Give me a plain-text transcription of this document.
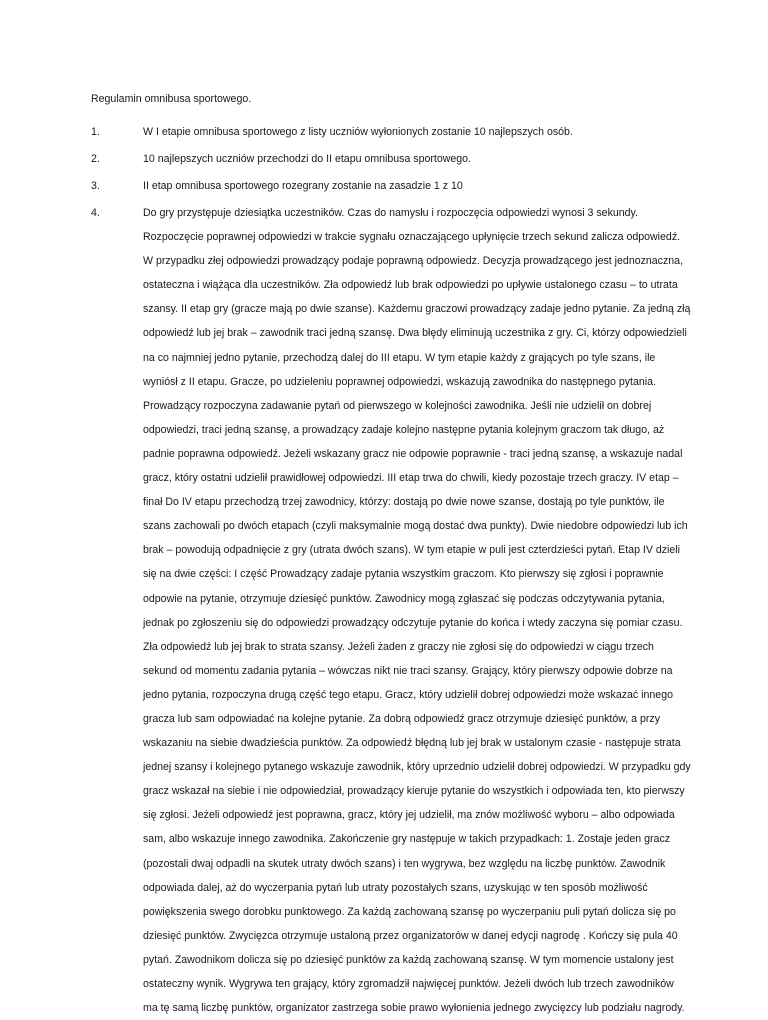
Regulamin omnibusa sportowego.

1.	W I etapie omnibusa sportowego z listy uczniów wyłonionych zostanie 10 najlepszych osób.
2.	10 najlepszych uczniów przechodzi do II etapu omnibusa sportowego.
3.	II etap omnibusa sportowego rozegrany zostanie na zasadzie 1 z 10
4.	Do gry przystępuje dziesiątka uczestników. Czas do namysłu i rozpoczęcia odpowiedzi wynosi 3 sekundy. Rozpoczęcie poprawnej odpowiedzi w trakcie sygnału oznaczającego upłynięcie trzech sekund zalicza odpowiedź. W przypadku złej odpowiedzi prowadzący podaje poprawną odpowiedz. Decyzja prowadzącego jest jednoznaczna, ostateczna i wiążąca dla uczestników. Zła odpowiedź lub brak odpowiedzi po upływie ustalonego czasu – to utrata szansy. II etap gry (gracze mają po dwie szanse). Każdemu graczowi prowadzący zadaje jedno pytanie. Za jedną złą odpowiedź lub jej brak – zawodnik traci jedną szansę. Dwa błędy eliminują uczestnika z gry. Ci, którzy odpowiedzieli na co najmniej jedno pytanie, przechodzą dalej do III etapu. W tym etapie każdy z grających po tyle szans, ile wyniósł z II etapu. Gracze, po udzieleniu poprawnej odpowiedzi, wskazują zawodnika do następnego pytania. Prowadzący rozpoczyna zadawanie pytań od pierwszego w kolejności zawodnika. Jeśli nie udzielił on dobrej odpowiedzi, traci jedną szansę, a prowadzący zadaje kolejno następne pytania kolejnym graczom tak długo, aż padnie poprawna odpowiedź. Jeżeli wskazany gracz nie odpowie poprawnie - traci jedną szansę, a wskazuje nadal gracz, który ostatni udzielił prawidłowej odpowiedzi. III etap trwa do chwili, kiedy pozostaje trzech graczy. IV etap – finał Do IV etapu przechodzą trzej zawodnicy, którzy: dostają po dwie nowe szanse, dostają po tyle punktów, ile szans zachowali po dwóch etapach (czyli maksymalnie mogą dostać dwa punkty). Dwie niedobre odpowiedzi lub ich brak – powodują odpadnięcie z gry (utrata dwóch szans). W tym etapie w puli jest czterdzieści pytań. Etap IV dzieli się na dwie części: I część Prowadzący zadaje pytania wszystkim graczom. Kto pierwszy się zgłosi i poprawnie odpowie na pytanie, otrzymuje dziesięć punktów. Zawodnicy mogą zgłaszać się podczas odczytywania pytania, jednak po zgłoszeniu się do odpowiedzi prowadzący odczytuje pytanie do końca i wtedy zaczyna się pomiar czasu. Zła odpowiedź lub jej brak to strata szansy. Jeżeli żaden z graczy nie zgłosi się do odpowiedzi w ciągu trzech sekund od momentu zadania pytania – wówczas nikt nie traci szansy. Grający, który pierwszy odpowie dobrze na jedno pytania, rozpoczyna drugą część tego etapu. Gracz, który udzielił dobrej odpowiedzi może wskazać innego gracza lub sam odpowiadać na kolejne pytanie. Za dobrą odpowiedź gracz otrzymuje dziesięć punktów, a przy wskazaniu na siebie dwadzieścia punktów. Za odpowiedź błędną lub jej brak w ustalonym czasie - następuje strata jednej szansy i kolejnego pytanego wskazuje zawodnik, który uprzednio udzielił dobrej odpowiedzi. W przypadku gdy gracz wskazał na siebie i nie odpowiedział, prowadzący kieruje pytanie do wszystkich i odpowiada ten, kto pierwszy się zgłosi. Jeżeli odpowiedź jest poprawna, gracz, który jej udzielił, ma znów możliwość wyboru – albo odpowiada sam, albo wskazuje innego zawodnika. Zakończenie gry następuje w takich przypadkach: 1. Zostaje jeden gracz (pozostali dwaj odpadli na skutek utraty dwóch szans) i ten wygrywa, bez względu na liczbę punktów. Zawodnik odpowiada dalej, aż do wyczerpania pytań lub utraty pozostałych szans, uzyskując w ten sposób możliwość powiększenia swego dorobku punktowego. Za każdą zachowaną szansę po wyczerpaniu puli pytań dolicza się po dziesięć punktów. Zwycięzca otrzymuje ustaloną przez organizatorów w danej edycji nagrodę . Kończy się pula 40 pytań. Zawodnikom dolicza się po dziesięć punktów za każdą zachowaną szansę. W tym momencie ustalony jest ostateczny wynik. Wygrywa ten grający, który zgromadził najwięcej punktów. Jeżeli dwóch lub trzech zawodników ma tę samą liczbę punktów, organizator zastrzega sobie prawo wyłonienia jednego zwycięzcy lub podziału nagrody.
